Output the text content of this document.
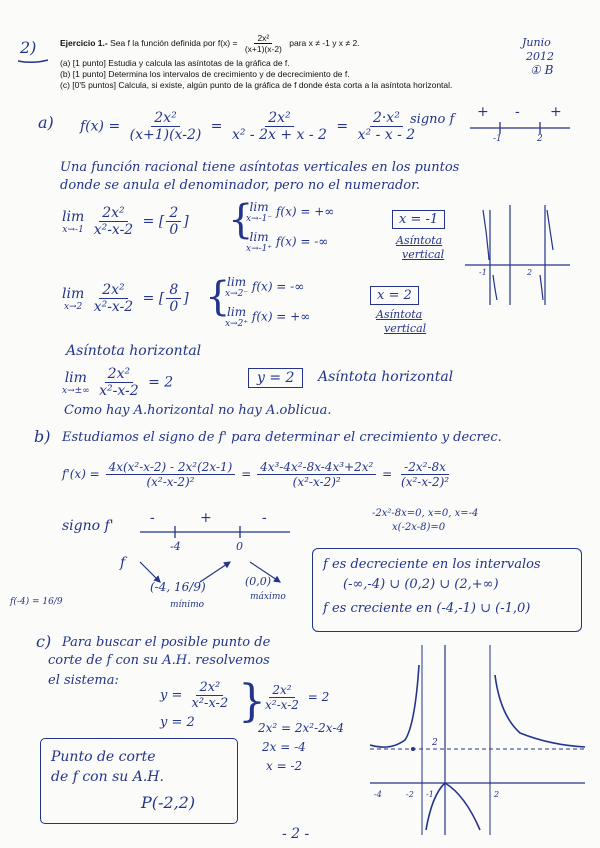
2)	Ejercicio 1.- Sea f la función definida por $f(x) = \frac{\text{2x²}}{(x+1)(x-2)}$ para x ≠ -1 y x ≠ 2.
(a) [1 punto] Estudia y calcula las asíntotas de la gráfica de f.
(b) [1 punto] Determina los intervalos de crecimiento y de decrecimiento de f.
(c) [0'5 puntos] Calcula, si existe, algún punto de la gráfica de f donde ésta corta a la asíntota horizontal.
Junio
2012
① B
a) $f(x) = \frac{\text{2x²}}{(x+1)(x-2)} = \frac{\text{2x²}}{\text{x² - 2x + x - 2}} = \frac{\text{2·x²}}{\text{x² - x - 2}}$
signo f + - +
-1	2
Una función racional tiene asíntotas verticales en los puntos
donde se anula el denominador, pero no el numerador.
lim
x→-1
$\frac{\text{2x²}}{\text{x²-x-2}}$ = [ $\frac{2}{0}$ ] {
lim
x→-1⁻
f(x) = +∞
lim
x→-1⁺
f(x) = -∞
x = -1
Asíntota
vertical
-1	2
lim
x→2
$\frac{\text{2x²}}{\text{x²-x-2}}$ = [ $\frac{8}{0}$ ] {
lim
x→2⁻
f(x) = -∞
lim
x→2⁺
f(x) = +∞
x = 2
Asíntota
vertical
Asíntota horizontal
lim
x→±∞
$\frac{\text{2x²}}{\text{x²-x-2}} = 2$	y = 2	Asíntota horizontal
Como hay A.horizontal no hay A.oblicua.
b) Estudiamos el signo de f' para determinar el crecimiento y decrec.
$f'(x) = \frac{\text{4x(x²-x-2) - 2x²(2x-1)}}{\text{(x²-x-2)²}} = \frac{\text{4x³-4x²-8x-4x³+2x²}}{\text{(x²-x-2)²}} = \frac{\text{-2x²-8x}}{\text{(x²-x-2)²}}$
-2x²-8x=0, x=0, x=-4
x(-2x-8)=0
signo f'	-	+	-
-4	0
f
(-4, 16/9)
mínimo
(0,0)
máximo
f(-4) = 16/9
f es decreciente en los intervalos
(-∞,-4) ∪ (0,2) ∪ (2,+∞)
f es creciente en (-4,-1) ∪ (-1,0)
c) Para buscar el posible punto de
corte de f con su A.H. resolvemos
el sistema:
$y = \frac{\text{2x²}}{\text{x²-x-2}}$
y = 2 }
$\frac{\text{2x²}}{\text{x²-x-2}} = 2$
2x² = 2x²-2x-4
2x = -4
x = -2
Punto de corte
de f con su A.H.
P(-2,2)
2
-4	-2 -1	2
- 2 -
